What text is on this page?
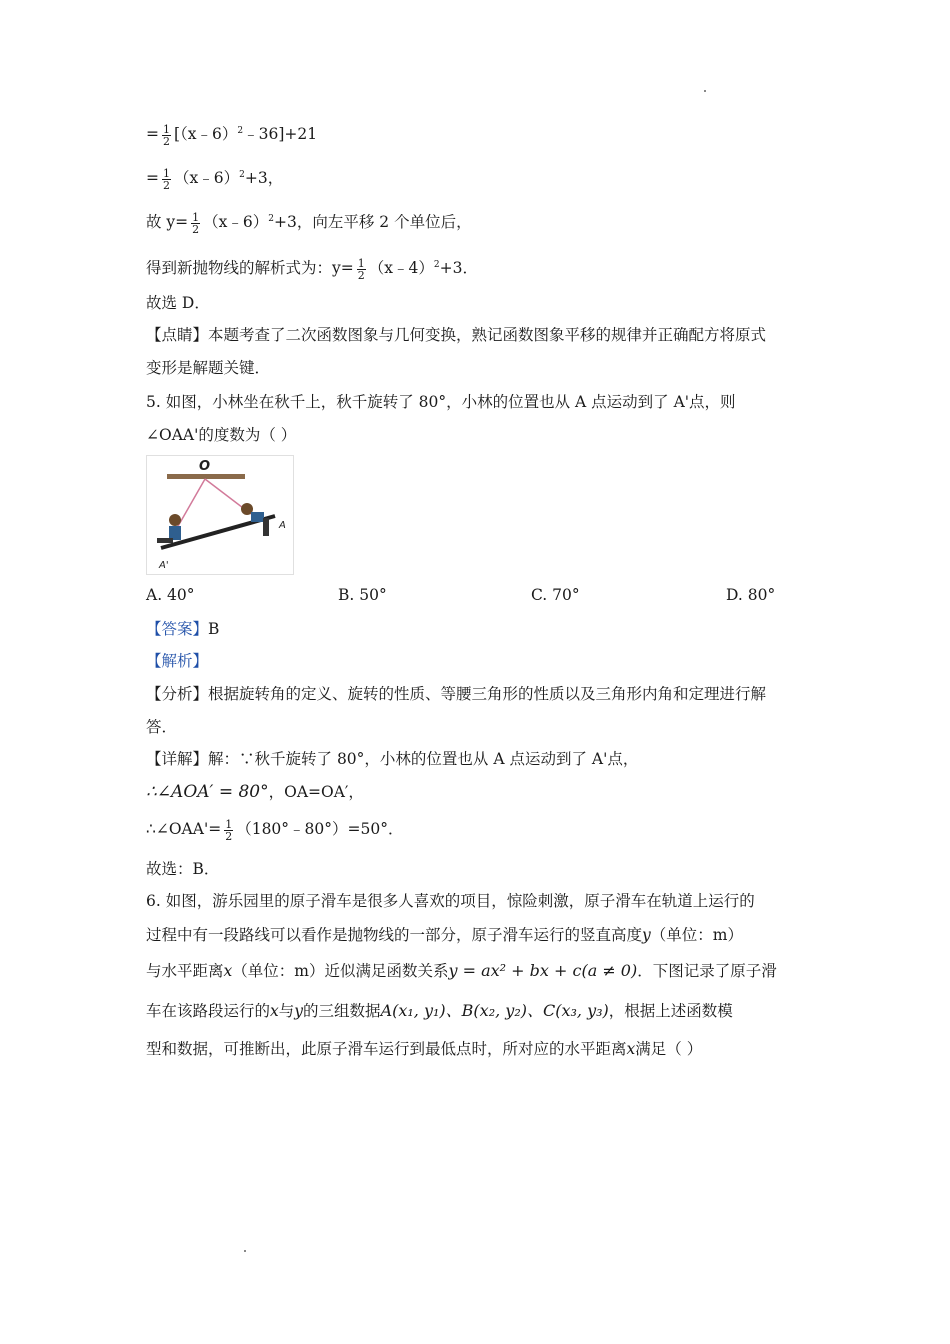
= $\frac{1}{2}$ [（x﹣6）$^2$﹣36]+21
= $\frac{1}{2}$ （x﹣6）$^2$+3，
故 $y= \frac{1}{2}$ （x﹣6）$^2$+3，向左平移 2 个单位后，
得到新抛物线的解析式为：$y= \frac{1}{2}$ （x﹣4）$^2$+3．
故选 D．
【点睛】本题考查了二次函数图象与几何变换，熟记函数图象平移的规律并正确配方将原式
变形是解题关键．
5. 如图，小林坐在秋千上，秋千旋转了 80°，小林的位置也从 A 点运动到了 A'点，则
∠OAA'的度数为（ ）
O
A
A'
A. 40°	B. 50°	C. 70°	D. 80°
【答案】B
【解析】
【分析】根据旋转角的定义、旋转的性质、等腰三角形的性质以及三角形内角和定理进行解
答．
【详解】解：∵秋千旋转了 80°，小林的位置也从 A 点运动到了 A'点，
∴∠AOA′ = 80°，OA=OA′，
∴∠OAA'= $\frac{1}{2}$ （180°﹣80°）=50°．
故选：B．
6. 如图，游乐园里的原子滑车是很多人喜欢的项目，惊险刺激，原子滑车在轨道上运行的
过程中有一段路线可以看作是抛物线的一部分，原子滑车运行的竖直高度y（单位：m）
与水平距离x（单位：m）近似满足函数关系y = ax² + bx + c(a ≠ 0)．下图记录了原子滑
车在该路段运行的x与y的三组数据A(x₁, y₁)、B(x₂, y₂)、C(x₃, y₃)，根据上述函数模
型和数据，可推断出，此原子滑车运行到最低点时，所对应的水平距离x满足（ ）
